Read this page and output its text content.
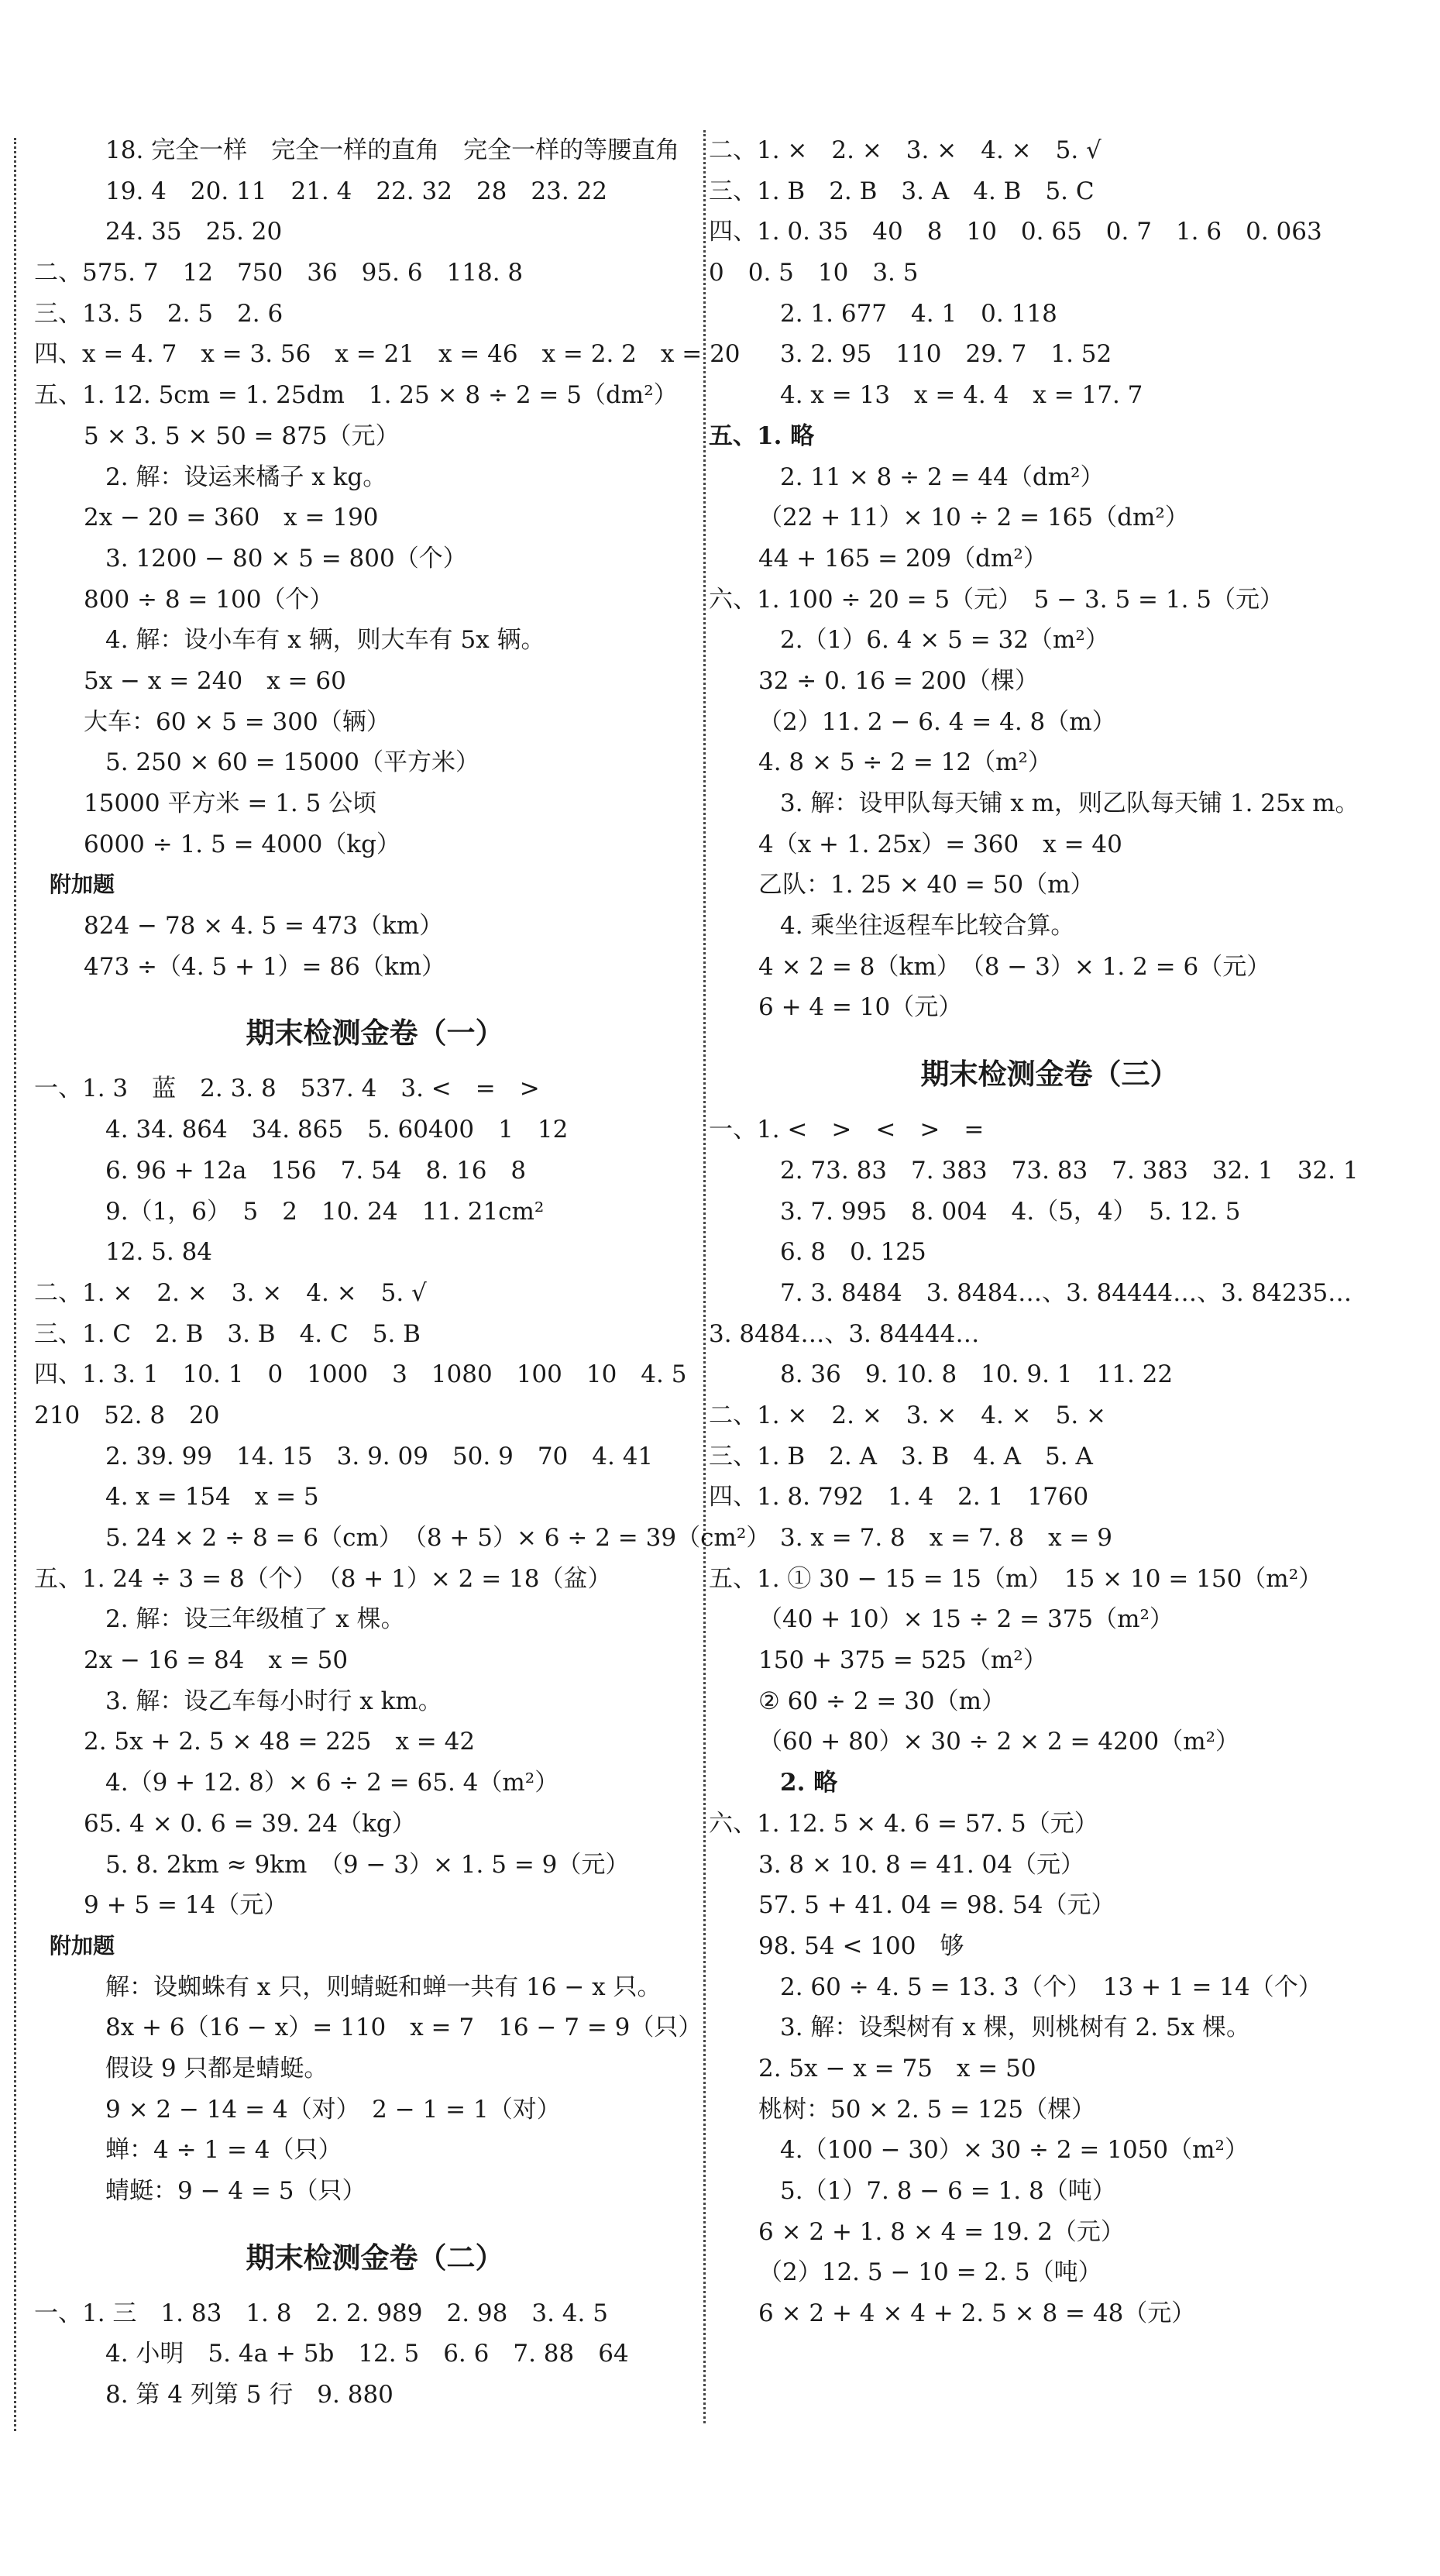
18. 完全一样　完全一样的直角　完全一样的等腰直角
19. 4　20. 11　21. 4　22. 32　28　23. 22
24. 35　25. 20
二、575. 7　12　750　36　95. 6　118. 8
三、13. 5　2. 5　2. 6
四、x = 4. 7　x = 3. 56　x = 21　x = 46　x = 2. 2　x = 20
五、1. 12. 5cm = 1. 25dm　1. 25 × 8 ÷ 2 = 5（dm²）
5 × 3. 5 × 50 = 875（元）
2. 解：设运来橘子 x kg。
2x − 20 = 360　x = 190
3. 1200 − 80 × 5 = 800（个）
800 ÷ 8 = 100（个）
4. 解：设小车有 x 辆，则大车有 5x 辆。
5x − x = 240　x = 60
大车：60 × 5 = 300（辆）
5. 250 × 60 = 15000（平方米）
15000 平方米 = 1. 5 公顷
6000 ÷ 1. 5 = 4000（kg）
附加题
824 − 78 × 4. 5 = 473（km）
473 ÷（4. 5 + 1）= 86（km）
期末检测金卷（一）
一、1. 3　蓝　2. 3. 8　537. 4　3. <　=　>
4. 34. 86̇4̇　34. 865　5. 60400　1　12
6. 96 + 12a　156　7. 54　8. 16　8
9.（1，6）　5　2　10. 24　11. 21cm²
12. 5. 84
二、1. ×　2. ×　3. ×　4. ×　5. √
三、1. C　2. B　3. B　4. C　5. B
四、1. 3. 1　10. 1　0　1000　3　1080　100　10　4. 5
210　52. 8　20
2. 39. 99　14. 15　3. 9. 09　50. 9　70　4. 41
4. x = 154　x = 5
5. 24 × 2 ÷ 8 = 6（cm）　（8 + 5）× 6 ÷ 2 = 39（cm²）
五、1. 24 ÷ 3 = 8（个）　（8 + 1）× 2 = 18（盆）
2. 解：设三年级植了 x 棵。
2x − 16 = 84　x = 50
3. 解：设乙车每小时行 x km。
2. 5x + 2. 5 × 48 = 225　x = 42
4.（9 + 12. 8）× 6 ÷ 2 = 65. 4（m²）
65. 4 × 0. 6 = 39. 24（kg）
5. 8. 2km ≈ 9km　（9 − 3）× 1. 5 = 9（元）
9 + 5 = 14（元）
附加题
解：设蜘蛛有 x 只，则蜻蜓和蝉一共有 16 − x 只。
8x + 6（16 − x）= 110　x = 7　16 − 7 = 9（只）
假设 9 只都是蜻蜓。
9 × 2 − 14 = 4（对）　2 − 1 = 1（对）
蝉：4 ÷ 1 = 4（只）
蜻蜓：9 − 4 = 5（只）
期末检测金卷（二）
一、1. 三　1. 83̇　1. 8　2. 2. 9̇89̇　2. 98　3. 4. 5
4. 小明　5. 4a + 5b　12. 5　6. 6　7. 88　64
8. 第 4 列第 5 行　9. 880
二、1. ×　2. ×　3. ×　4. ×　5. √
三、1. B　2. B　3. A　4. B　5. C
四、1. 0. 35　40　8　10　0. 65　0. 7　1. 6　0. 063
0　0. 5　10　3. 5
2. 1. 677　4. 1　0. 118
3. 2. 95　110　29. 7　1. 52
4. x = 13　x = 4. 4　x = 17. 7
五、1. 略
2. 11 × 8 ÷ 2 = 44（dm²）
（22 + 11）× 10 ÷ 2 = 165（dm²）
44 + 165 = 209（dm²）
六、1. 100 ÷ 20 = 5（元）　5 − 3. 5 = 1. 5（元）
2.（1）6. 4 × 5 = 32（m²）
32 ÷ 0. 16 = 200（棵）
（2）11. 2 − 6. 4 = 4. 8（m）
4. 8 × 5 ÷ 2 = 12（m²）
3. 解：设甲队每天铺 x m，则乙队每天铺 1. 25x m。
4（x + 1. 25x）= 360　x = 40
乙队：1. 25 × 40 = 50（m）
4. 乘坐往返程车比较合算。
4 × 2 = 8（km）　（8 − 3）× 1. 2 = 6（元）
6 + 4 = 10（元）
期末检测金卷（三）
一、1. <　>　<　>　=
2. 73. 83　7. 383　73. 83　7. 383　32. 1　32. 1
3. 7. 995　8. 004　4.（5，4）　5. 12. 5
6. 8　0. 125
7. 3. 8484　3. 8484…、3. 84444…、3. 84235…
3. 8484…、3. 84444…
8. 36　9. 10. 8　10. 9. 1　11. 22
二、1. ×　2. ×　3. ×　4. ×　5. ×
三、1. B　2. A　3. B　4. A　5. A
四、1. 8. 792　1. 4　2. 1　1760
3. x = 7. 8　x = 7. 8　x = 9
五、1. ① 30 − 15 = 15（m）　15 × 10 = 150（m²）
（40 + 10）× 15 ÷ 2 = 375（m²）
150 + 375 = 525（m²）
② 60 ÷ 2 = 30（m）
（60 + 80）× 30 ÷ 2 × 2 = 4200（m²）
2. 略
六、1. 12. 5 × 4. 6 = 57. 5（元）
3. 8 × 10. 8 = 41. 04（元）
57. 5 + 41. 04 = 98. 54（元）
98. 54 < 100　够
2. 60 ÷ 4. 5 = 13. 3̇（个）　13 + 1 = 14（个）
3. 解：设梨树有 x 棵，则桃树有 2. 5x 棵。
2. 5x − x = 75　x = 50
桃树：50 × 2. 5 = 125（棵）
4.（100 − 30）× 30 ÷ 2 = 1050（m²）
5.（1）7. 8 − 6 = 1. 8（吨）
6 × 2 + 1. 8 × 4 = 19. 2（元）
（2）12. 5 − 10 = 2. 5（吨）
6 × 2 + 4 × 4 + 2. 5 × 8 = 48（元）
